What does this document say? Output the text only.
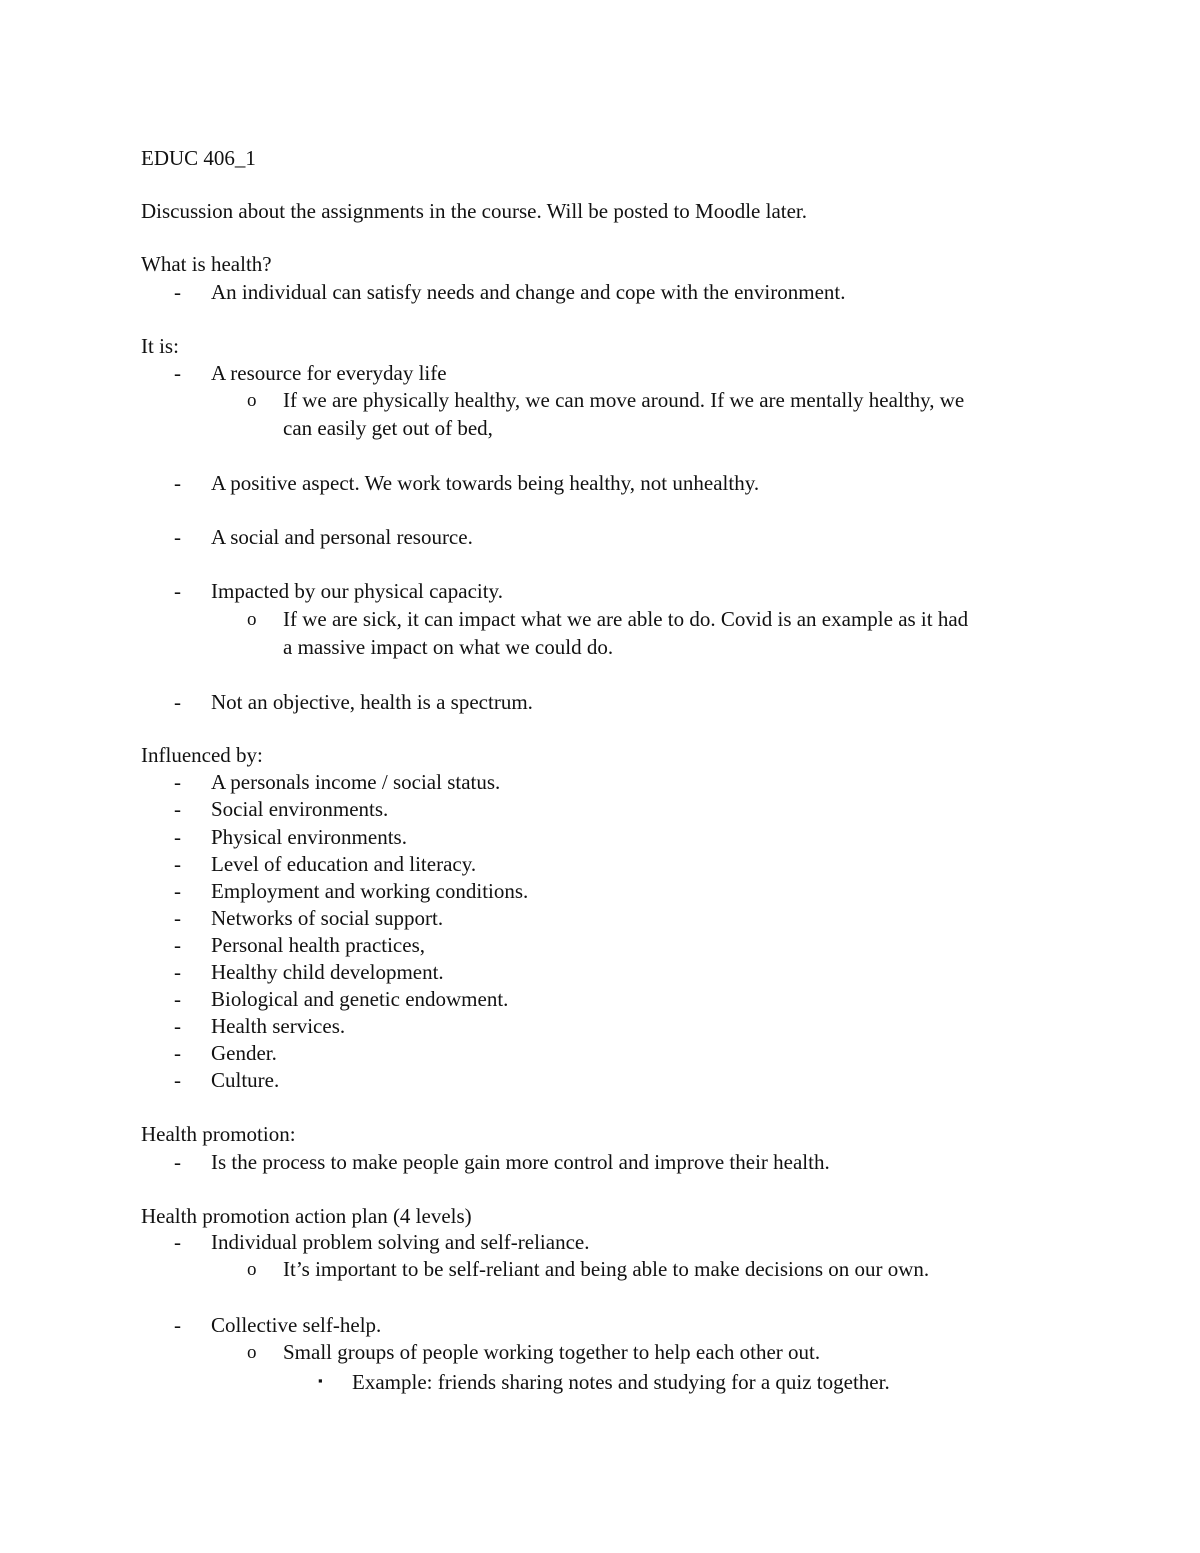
EDUC 406_1
Discussion about the assignments in the course. Will be posted to Moodle later.
What is health?
- An individual can satisfy needs and change and cope with the environment.
It is:
- A resource for everyday life
o If we are physically healthy, we can move around. If we are mentally healthy, we
can easily get out of bed,
- A positive aspect. We work towards being healthy, not unhealthy.
- A social and personal resource.
- Impacted by our physical capacity.
o If we are sick, it can impact what we are able to do. Covid is an example as it had
a massive impact on what we could do.
- Not an objective, health is a spectrum.
Influenced by:
- A personals income / social status.
- Social environments.
- Physical environments.
- Level of education and literacy.
- Employment and working conditions.
- Networks of social support.
- Personal health practices,
- Healthy child development.
- Biological and genetic endowment.
- Health services.
- Gender.
- Culture.
Health promotion:
- Is the process to make people gain more control and improve their health.
Health promotion action plan (4 levels)
- Individual problem solving and self-reliance.
o It’s important to be self-reliant and being able to make decisions on our own.
- Collective self-help.
o Small groups of people working together to help each other out.
▪ Example: friends sharing notes and studying for a quiz together.
